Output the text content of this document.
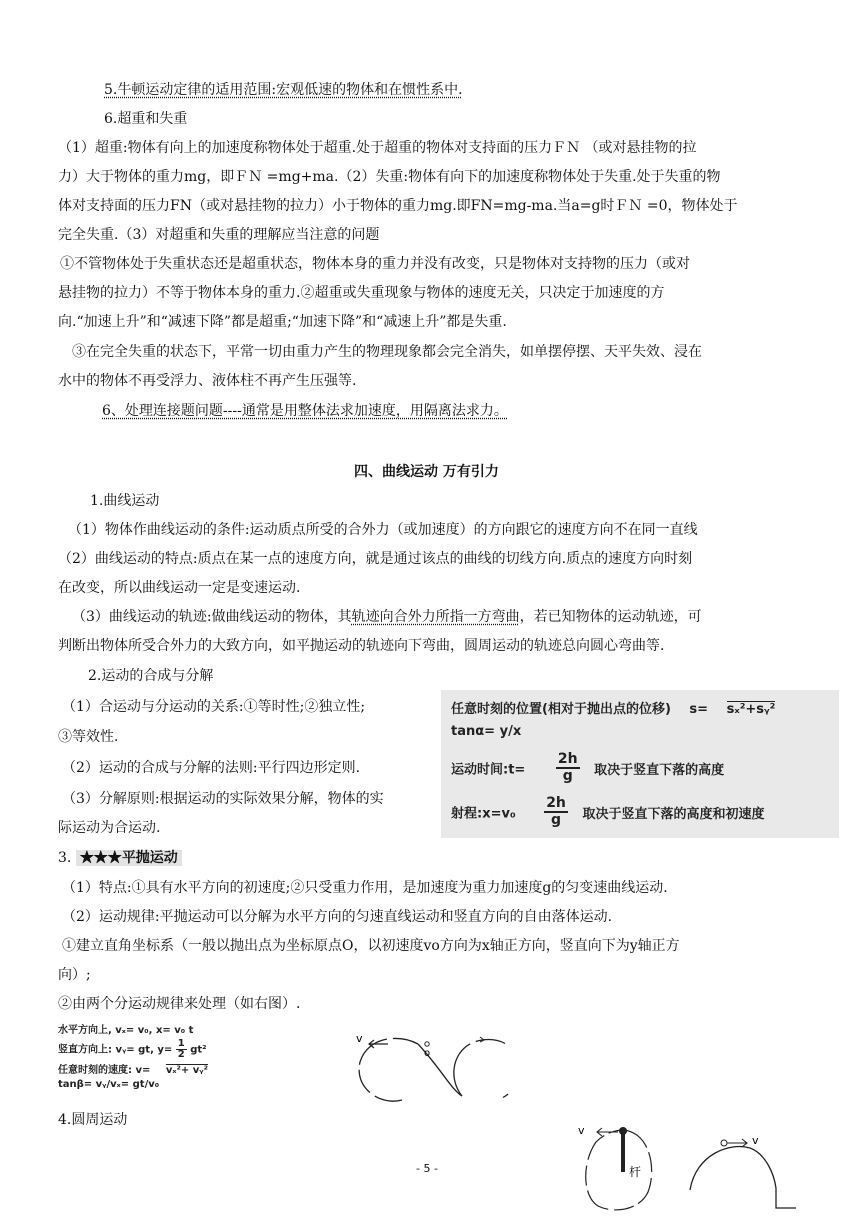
5.牛顿运动定律的适用范围:宏观低速的物体和在惯性系中.
6.超重和失重
（1）超重:物体有向上的加速度称物体处于超重.处于超重的物体对支持面的压力ＦＮ （或对悬挂物的拉
力）大于物体的重力mg，即ＦＮ =mg+ma.（2）失重:物体有向下的加速度称物体处于失重.处于失重的物
体对支持面的压力FN（或对悬挂物的拉力）小于物体的重力mg.即FN=mg-ma.当a=g时ＦＮ =0，物体处于
完全失重.（3）对超重和失重的理解应当注意的问题
①不管物体处于失重状态还是超重状态，物体本身的重力并没有改变，只是物体对支持物的压力（或对
悬挂物的拉力）不等于物体本身的重力.②超重或失重现象与物体的速度无关，只决定于加速度的方
向.“加速上升”和“减速下降”都是超重;“加速下降”和“减速上升”都是失重.
③在完全失重的状态下，平常一切由重力产生的物理现象都会完全消失，如单摆停摆、天平失效、浸在
水中的物体不再受浮力、液体柱不再产生压强等.
6、处理连接题问题----通常是用整体法求加速度，用隔离法求力。
四、曲线运动 万有引力
1.曲线运动
（1）物体作曲线运动的条件:运动质点所受的合外力（或加速度）的方向跟它的速度方向不在同一直线
（2）曲线运动的特点:质点在某一点的速度方向，就是通过该点的曲线的切线方向.质点的速度方向时刻
在改变，所以曲线运动一定是变速运动.
（3）曲线运动的轨迹:做曲线运动的物体，其轨迹向合外力所指一方弯曲，若已知物体的运动轨迹，可
判断出物体所受合外力的大致方向，如平抛运动的轨迹向下弯曲，圆周运动的轨迹总向圆心弯曲等.
2.运动的合成与分解
（1）合运动与分运动的关系:①等时性;②独立性;
③等效性.
（2）运动的合成与分解的法则:平行四边形定则.
（3）分解原则:根据运动的实际效果分解，物体的实
际运动为合运动.
3. ★★★平抛运动
（1）特点:①具有水平方向的初速度;②只受重力作用，是加速度为重力加速度g的匀变速曲线运动.
（2）运动规律:平抛运动可以分解为水平方向的匀速直线运动和竖直方向的自由落体运动.
①建立直角坐标系（一般以抛出点为坐标原点O，以初速度vo方向为x轴正方向，竖直向下为y轴正方
向）;
②由两个分运动规律来处理（如右图）.
4.圆周运动
任意时刻的位置(相对于抛出点的位移) s= sₓ²+sᵧ²
tanα= y/x
运动时间:t= $\frac{2h}{g}$ 取决于竖直下落的高度
射程:x=v₀ $\frac{2h}{g}$ 取决于竖直下落的高度和初速度
水平方向上, vₓ= v₀, x= v₀ t
竖直方向上: vᵧ= gt, $y= \frac{1}{2} gt^2$
任意时刻的速度: v= vₓ²+ vᵧ²
tanβ= vᵧ/vₓ= gt/v₀
v
o
v
杆
v
- 5 -
